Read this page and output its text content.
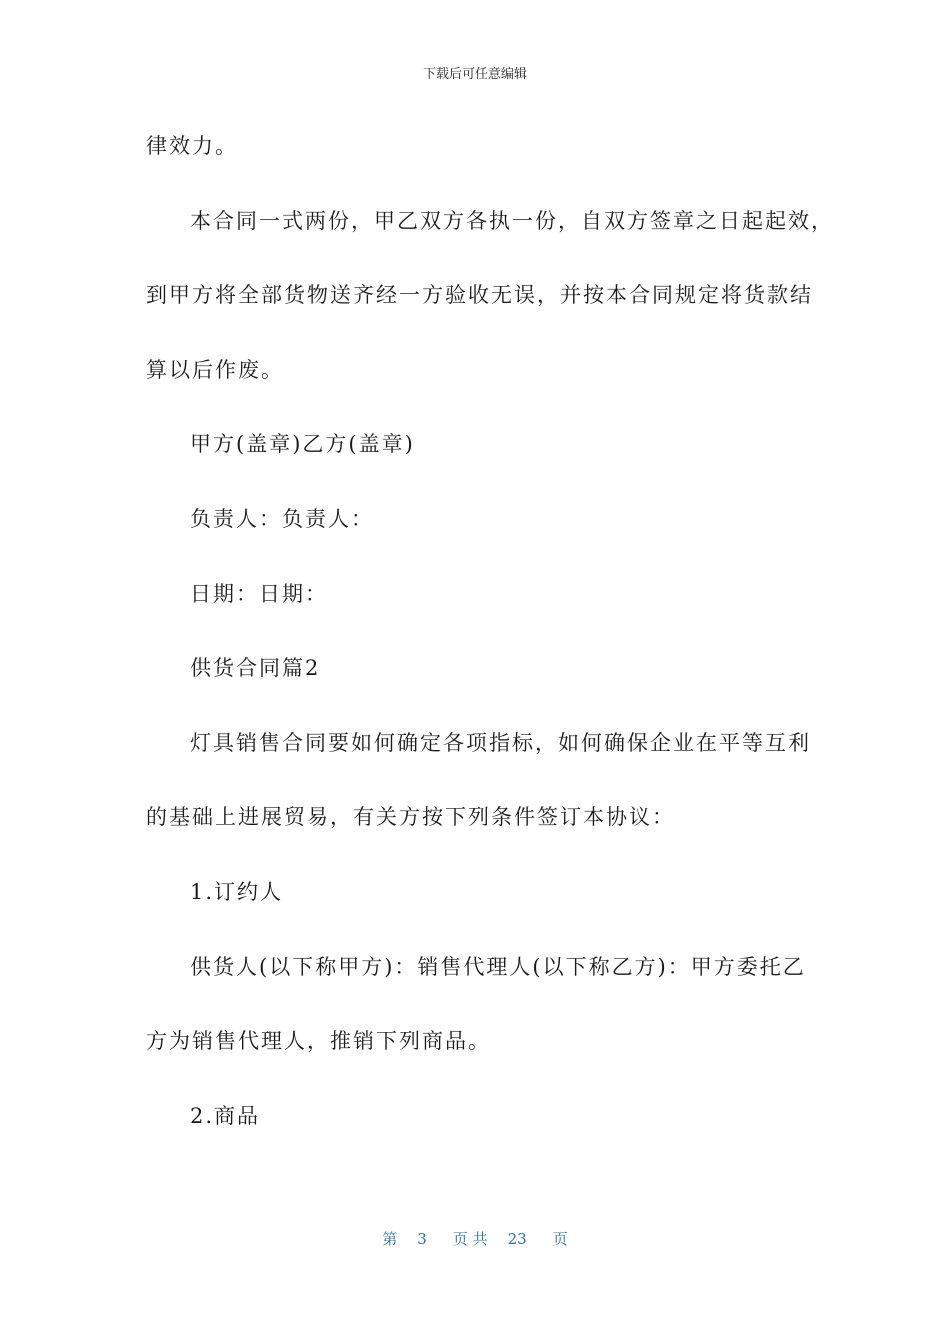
下载后可任意编辑
律效力。
本合同一式两份，甲乙双方各执一份，自双方签章之日起起效，
到甲方将全部货物送齐经一方验收无误，并按本合同规定将货款结
算以后作废。
甲方(盖章)乙方(盖章)
负责人：负责人：
日期：日期：
供货合同篇2
灯具销售合同要如何确定各项指标，如何确保企业在平等互利
的基础上进展贸易，有关方按下列条件签订本协议：
1.订约人
供货人(以下称甲方)：销售代理人(以下称乙方)：甲方委托乙
方为销售代理人，推销下列商品。
2.商品
第 3 页 共 23 页
